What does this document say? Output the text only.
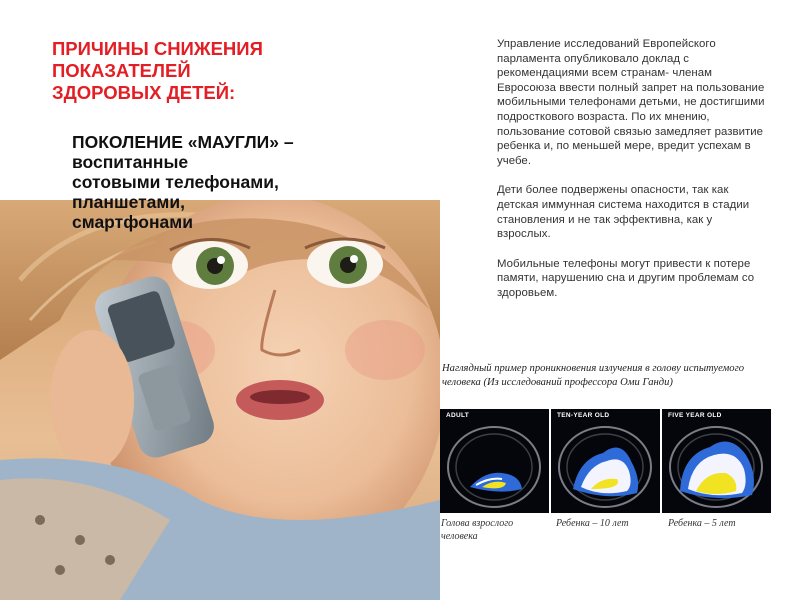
ПРИЧИНЫ СНИЖЕНИЯ
ПОКАЗАТЕЛЕЙ
ЗДОРОВЫХ ДЕТЕЙ:
ПОКОЛЕНИЕ «МАУГЛИ» –
воспитанные
сотовыми телефонами,
планшетами,
смартфонами

Управление исследований Европейского парламента опубликовало доклад с рекомендациями всем странам- членам Евросоюза ввести полный запрет на пользование мобильными телефонами детьми, не достигшими подросткового возраста. По их мнению, пользование сотовой связью замедляет развитие ребенка и, по меньшей мере, вредит успехам в учебе.

Дети более подвержены опасности, так как детская иммунная система находится в стадии становления и не так эффективна, как у взрослых.

Мобильные телефоны могут привести к потере памяти, нарушению сна и другим проблемам со здоровьем.

Наглядный пример проникновения излучения в голову испытуемого человека (Из исследований профессора Оми Ганди)
ADULT	TEN-YEAR OLD	FIVE YEAR OLD
Голова взрослого человека
Ребенка – 10 лет	Ребенка – 5 лет
